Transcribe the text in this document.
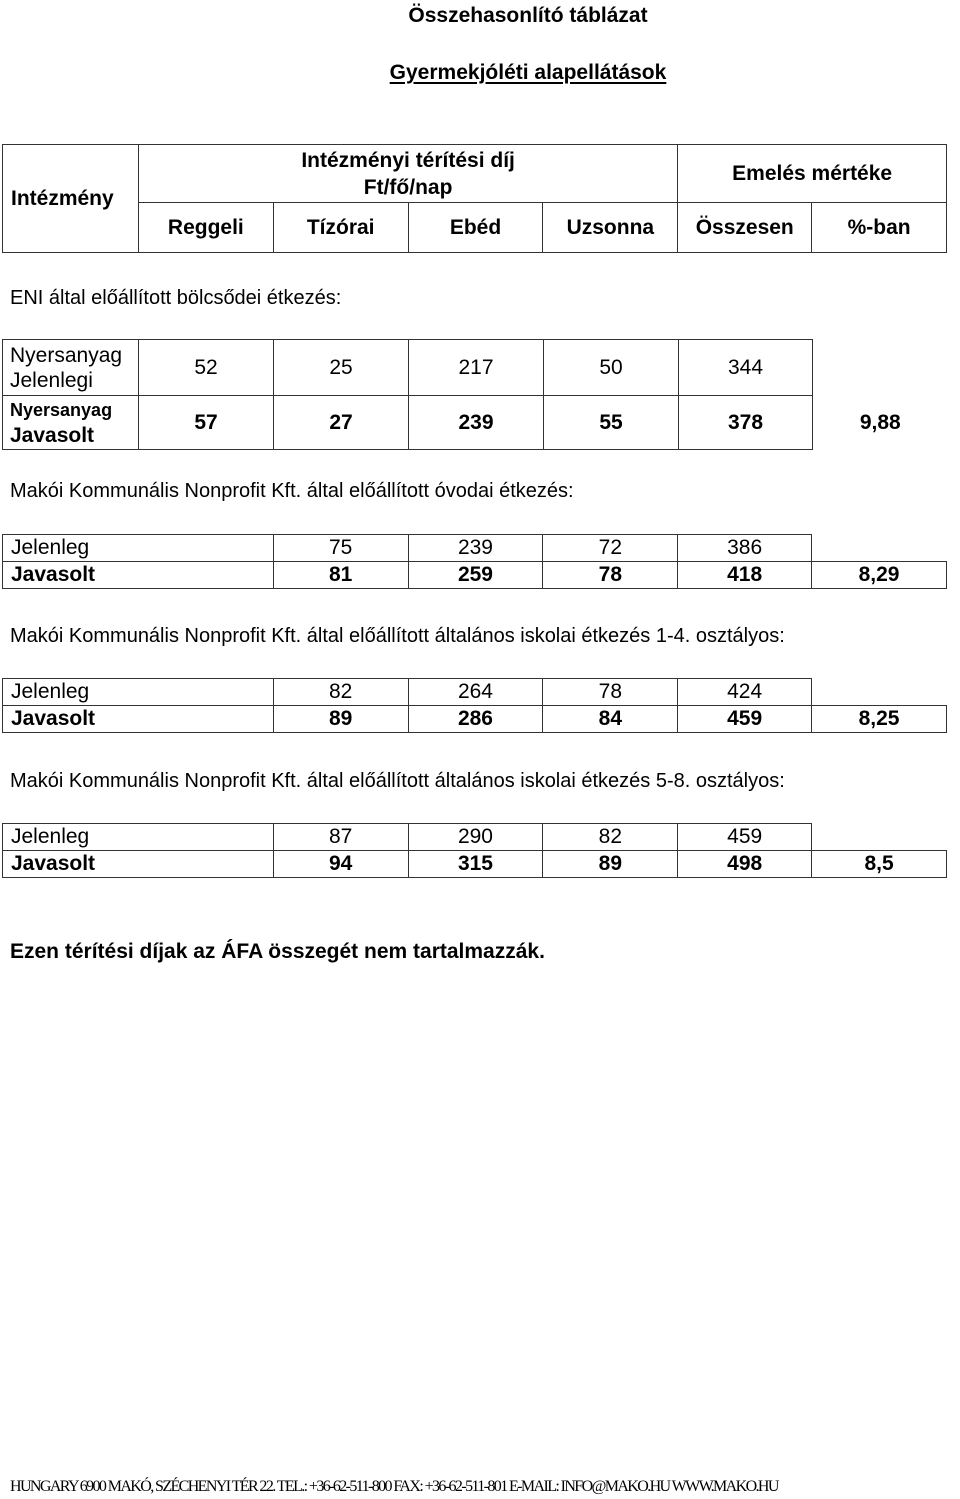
Összehasonlító táblázat
Gyermekjóléti alapellátások
Intézmény	Intézményi térítési díj
Ft/fő/nap				Emelés mértéke	
	Reggeli	Tízórai	Ebéd	Uzsonna	Összesen	%-ban
ENI által előállított bölcsődei étkezés:
Nyersanyag
Jelenlegi	52	25	217	50	344	9,88
Nyersanyag
Javasolt	57	27	239	55	378	
Makói Kommunális Nonprofit Kft. által előállított óvodai étkezés:
Jelenleg	75	239	72	386	
Javasolt	81	259	78	418	8,29
Makói Kommunális Nonprofit Kft. által előállított általános iskolai étkezés 1-4. osztályos:
Jelenleg	82	264	78	424	
Javasolt	89	286	84	459	8,25
Makói Kommunális Nonprofit Kft. által előállított általános iskolai étkezés 5-8. osztályos:
Jelenleg	87	290	82	459	
Javasolt	94	315	89	498	8,5
Ezen térítési díjak az ÁFA összegét nem tartalmazzák.
HUNGARY 6900 MAKÓ, SZÉCHENYI TÉR 22. TEL.: +36-62-511-800 FAX: +36-62-511-801 E-MAIL: INFO@MAKO.HU WWW.MAKO.HU
